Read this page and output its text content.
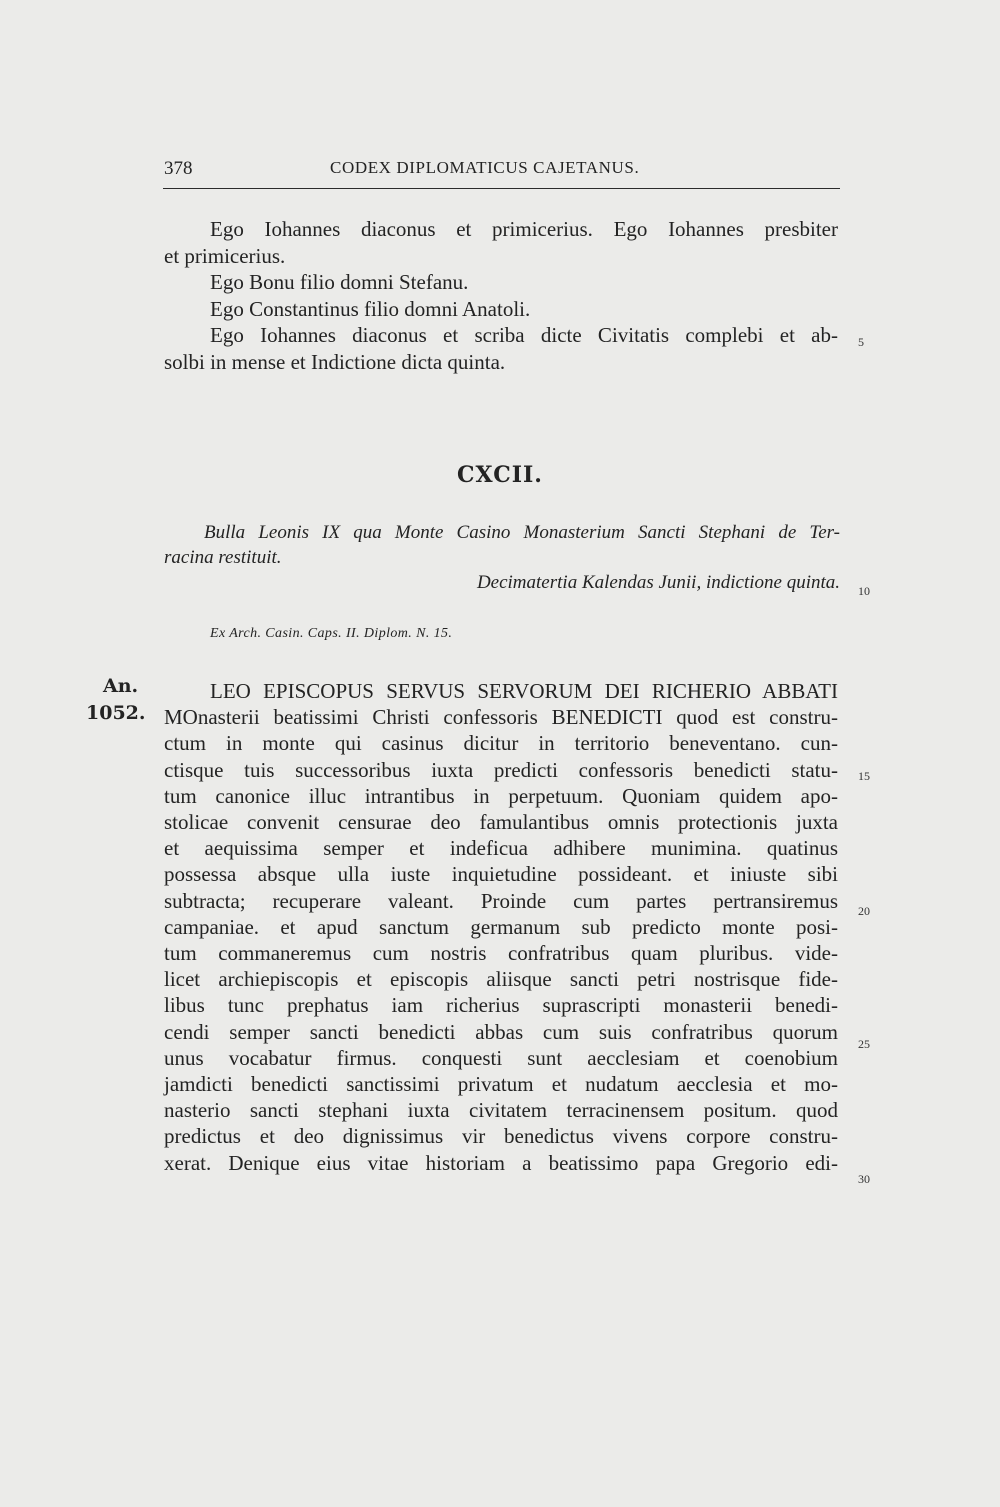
378	CODEX DIPLOMATICUS CAJETANUS.

Ego Iohannes diaconus et primicerius. Ego Iohannes presbiter

et primicerius.

Ego Bonu filio domni Stefanu.

Ego Constantinus filio domni Anatoli.

Ego Iohannes diaconus et scriba dicte Civitatis complebi et ab-

solbi in mense et Indictione dicta quinta.

CXCII.

Bulla Leonis IX qua Monte Casino Monasterium Sancti Stephani de Ter-

racina restituit.

Decimatertia Kalendas Junii, indictione quinta.
Ex Arch. Casin. Caps. II. Diplom. N. 15.
An.
1052.

LEO EPISCOPUS SERVUS SERVORUM DEI RICHERIO ABBATI

MOnasterii beatissimi Christi confessoris BENEDICTI quod est constru-

ctum in monte qui casinus dicitur in territorio beneventano. cun-

ctisque tuis successoribus iuxta predicti confessoris benedicti statu-

tum canonice illuc intrantibus in perpetuum. Quoniam quidem apo-

stolicae convenit censurae deo famulantibus omnis protectionis juxta

et aequissima semper et indeficua adhibere munimina. quatinus

possessa absque ulla iuste inquietudine possideant. et iniuste sibi

subtracta; recuperare valeant. Proinde cum partes pertransiremus

campaniae. et apud sanctum germanum sub predicto monte posi-

tum commaneremus cum nostris confratribus quam pluribus. vide-

licet archiepiscopis et episcopis aliisque sancti petri nostrisque fide-

libus tunc prephatus iam richerius suprascripti monasterii benedi-

cendi semper sancti benedicti abbas cum suis confratribus quorum

unus vocabatur firmus. conquesti sunt aecclesiam et coenobium

jamdicti benedicti sanctissimi privatum et nudatum aecclesia et mo-

nasterio sancti stephani iuxta civitatem terracinensem positum. quod

predictus et deo dignissimus vir benedictus vivens corpore constru-

xerat. Denique eius vitae historiam a beatissimo papa Gregorio edi-

5
10
15
20
25
30
